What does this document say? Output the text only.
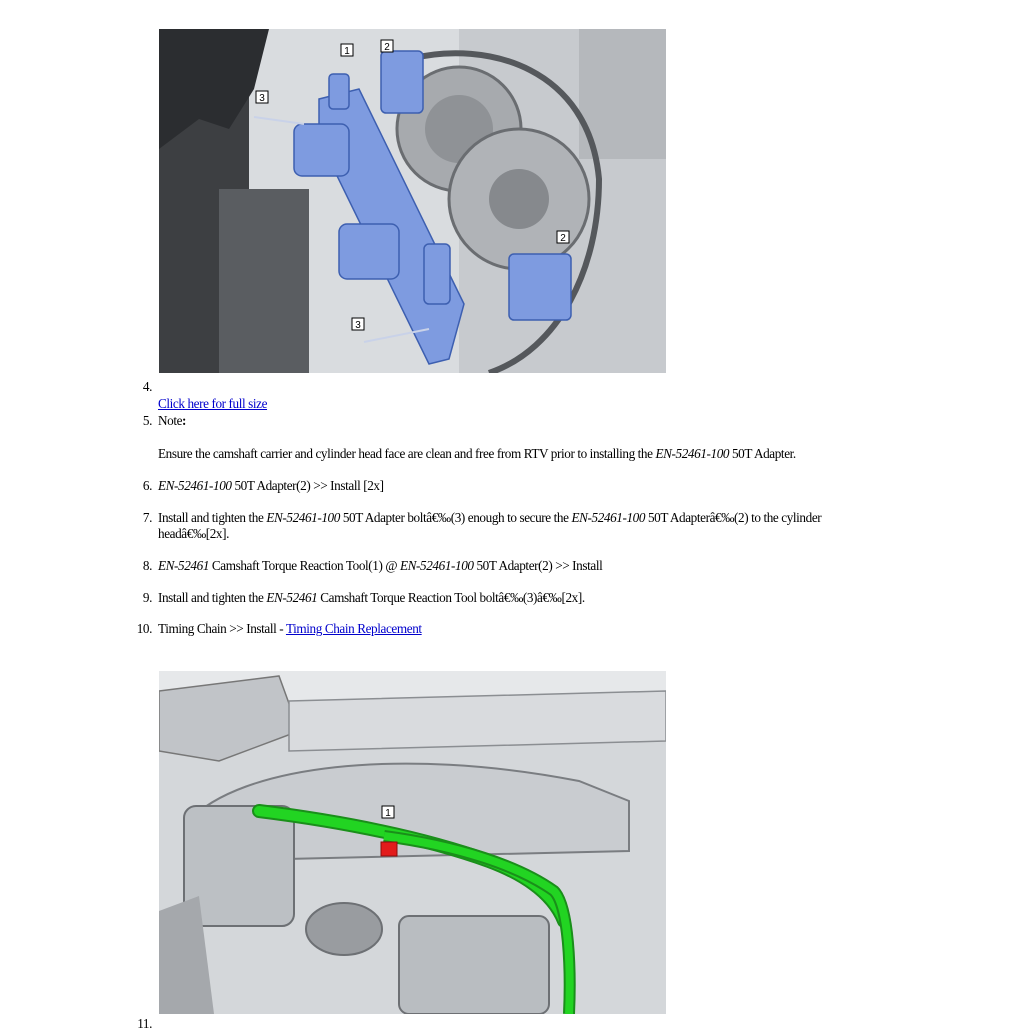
1	2
3
2
3
4.
Click here for full size
5. Note:
Ensure the camshaft carrier and cylinder head face are clean and free from RTV prior to installing the EN-52461-100 50T Adapter.
6. EN-52461-100 50T Adapter(2) >> Install [2x]
7. Install and tighten the EN-52461-100 50T Adapter boltâ€‰(3) enough to secure the EN-52461-100 50T Adapterâ€‰(2) to the cylinder
headâ€‰[2x].
8. EN-52461 Camshaft Torque Reaction Tool(1) @ EN-52461-100 50T Adapter(2) >> Install
9. Install and tighten the EN-52461 Camshaft Torque Reaction Tool boltâ€‰(3)â€‰[2x].
10. Timing Chain >> Install - Timing Chain Replacement
1
11.
